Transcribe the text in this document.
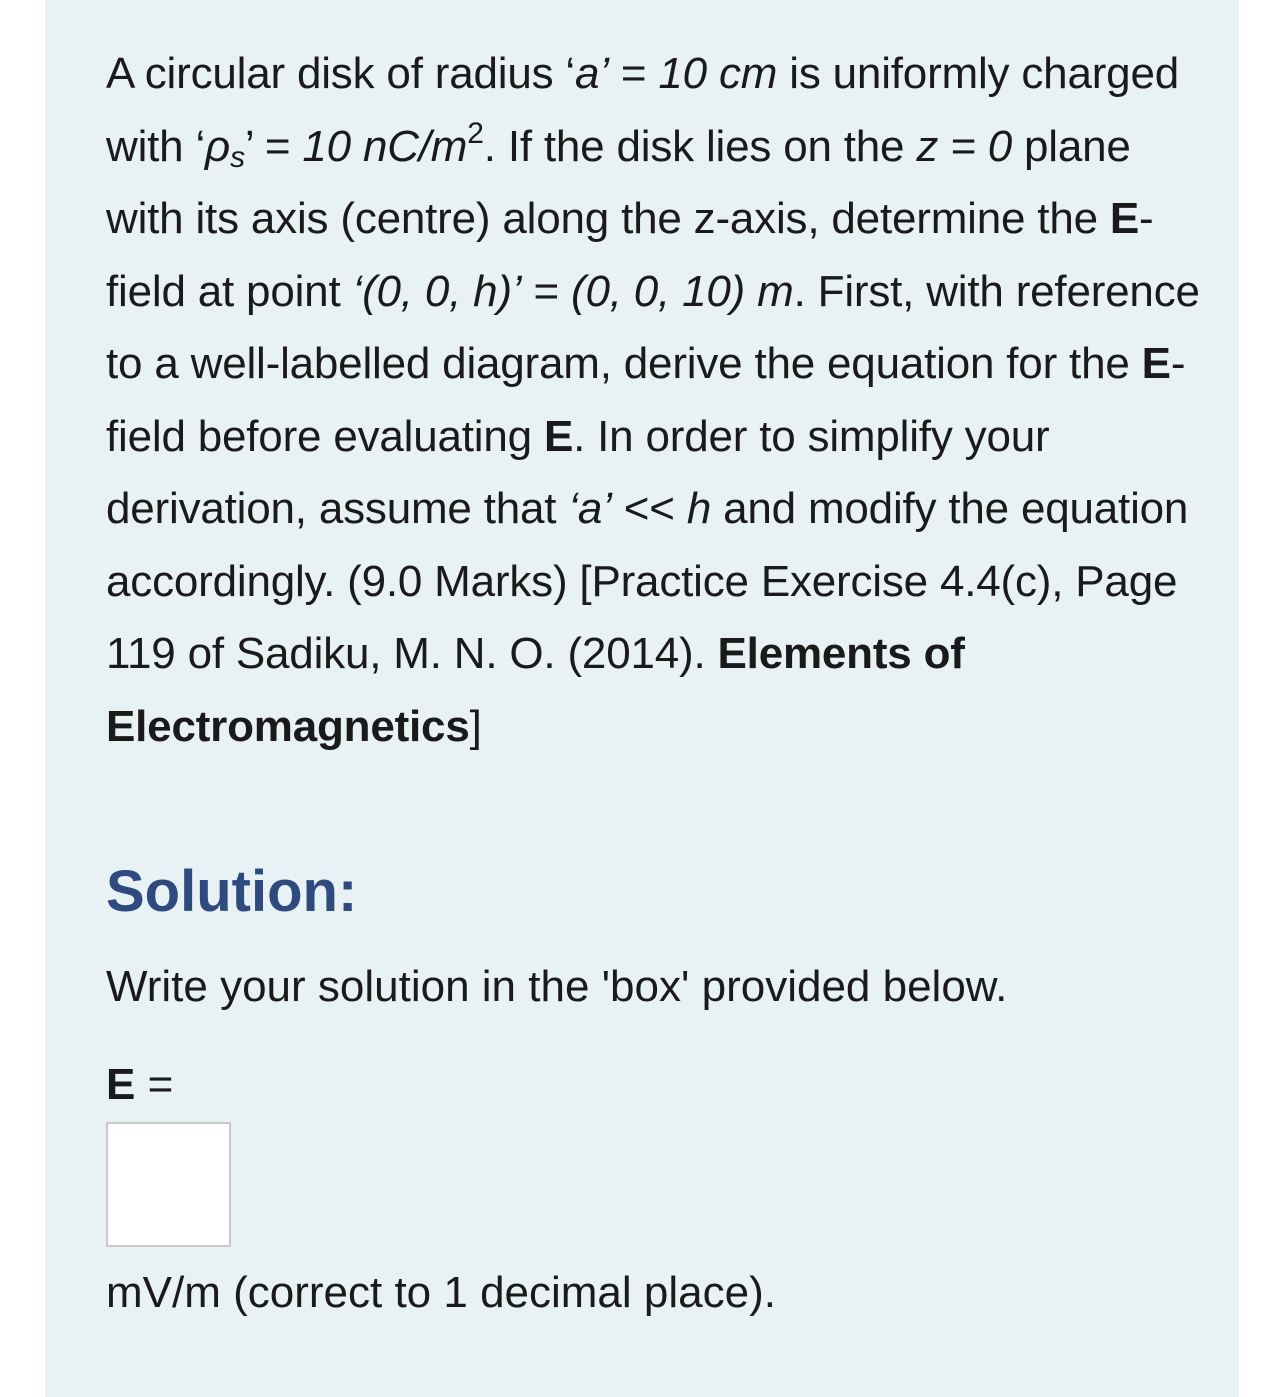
A circular disk of radius ‘a’ = 10 cm is uniformly charged with ‘$\rho_s$’ = 10 $nC/m^2$. If the disk lies on the z = 0 plane with its axis (centre) along the z-axis, determine the E-field at point ‘(0, 0, h)’ = (0, 0, 10) m. First, with reference to a well-labelled diagram, derive the equation for the E-field before evaluating E. In order to simplify your derivation, assume that ‘a’ << h and modify the equation accordingly. (9.0 Marks) [Practice Exercise 4.4(c), Page 119 of Sadiku, M. N. O. (2014). Elements of Electromagnetics]
Solution:
Write your solution in the 'box' provided below.
E =
mV/m (correct to 1 decimal place).
